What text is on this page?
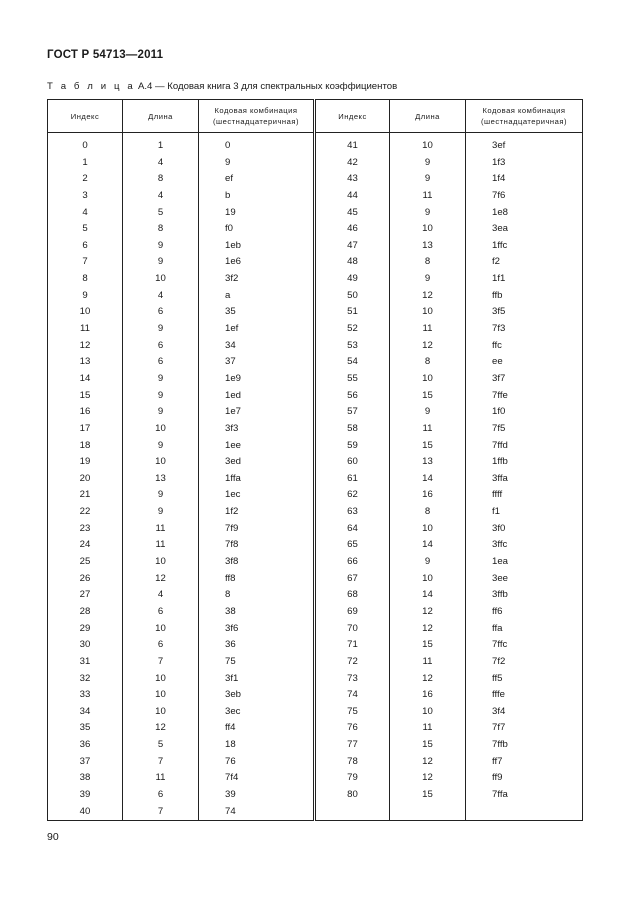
ГОСТ Р 54713—2011
Т а б л и ц а А.4 — Кодовая книга 3 для спектральных коэффициентов
Индекс	Длина	Кодовая комбинация (шестнадцатеричная)	Индекс	Длина	Кодовая комбинация (шестнадцатеричная)
0	1	0	41	10	3ef
1	4	9	42	9	1f3
2	8	ef	43	9	1f4
3	4	b	44	11	7f6
4	5	19	45	9	1e8
5	8	f0	46	10	3ea
6	9	1eb	47	13	1ffc
7	9	1e6	48	8	f2
8	10	3f2	49	9	1f1
9	4	a	50	12	ffb
10	6	35	51	10	3f5
11	9	1ef	52	11	7f3
12	6	34	53	12	ffc
13	6	37	54	8	ee
14	9	1e9	55	10	3f7
15	9	1ed	56	15	7ffe
16	9	1e7	57	9	1f0
17	10	3f3	58	11	7f5
18	9	1ee	59	15	7ffd
19	10	3ed	60	13	1ffb
20	13	1ffa	61	14	3ffa
21	9	1ec	62	16	ffff
22	9	1f2	63	8	f1
23	11	7f9	64	10	3f0
24	11	7f8	65	14	3ffc
25	10	3f8	66	9	1ea
26	12	ff8	67	10	3ee
27	4	8	68	14	3ffb
28	6	38	69	12	ff6
29	10	3f6	70	12	ffa
30	6	36	71	15	7ffc
31	7	75	72	11	7f2
32	10	3f1	73	12	ff5
33	10	3eb	74	16	fffe
34	10	3ec	75	10	3f4
35	12	ff4	76	11	7f7
36	5	18	77	15	7ffb
37	7	76	78	12	ff7
38	11	7f4	79	12	ff9
39	6	39	80	15	7ffa
40	7	74			
90
